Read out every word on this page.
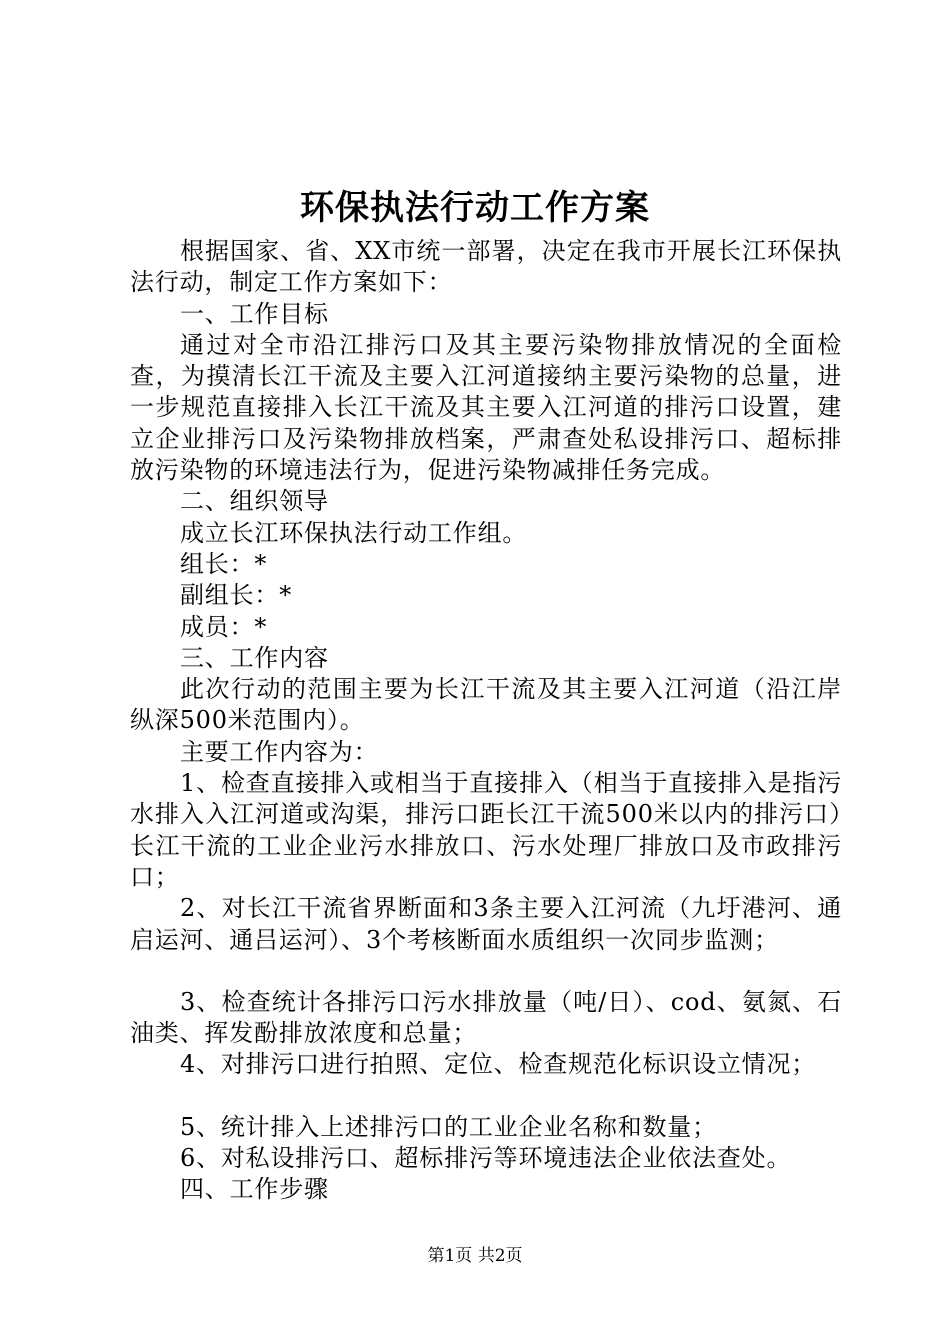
环保执法行动工作方案

根据国家、省、XX市统一部署，决定在我市开展长江环保执法行动，制定工作方案如下：

一、工作目标

通过对全市沿江排污口及其主要污染物排放情况的全面检查，为摸清长江干流及主要入江河道接纳主要污染物的总量，进一步规范直接排入长江干流及其主要入江河道的排污口设置，建立企业排污口及污染物排放档案，严肃查处私设排污口、超标排放污染物的环境违法行为，促进污染物减排任务完成。

二、组织领导

成立长江环保执法行动工作组。

组长：*

副组长：*

成员：*

三、工作内容

此次行动的范围主要为长江干流及其主要入江河道（沿江岸纵深500米范围内）。

主要工作内容为：

1、检查直接排入或相当于直接排入（相当于直接排入是指污水排入入江河道或沟渠，排污口距长江干流500米以内的排污口）长江干流的工业企业污水排放口、污水处理厂排放口及市政排污口；

2、对长江干流省界断面和3条主要入江河流（九圩港河、通启运河、通吕运河）、3个考核断面水质组织一次同步监测；

3、检查统计各排污口污水排放量（吨/日）、cod、氨氮、石油类、挥发酚排放浓度和总量；

4、对排污口进行拍照、定位、检查规范化标识设立情况；

5、统计排入上述排污口的工业企业名称和数量；

6、对私设排污口、超标排污等环境违法企业依法查处。

四、工作步骤

第1页 共2页
